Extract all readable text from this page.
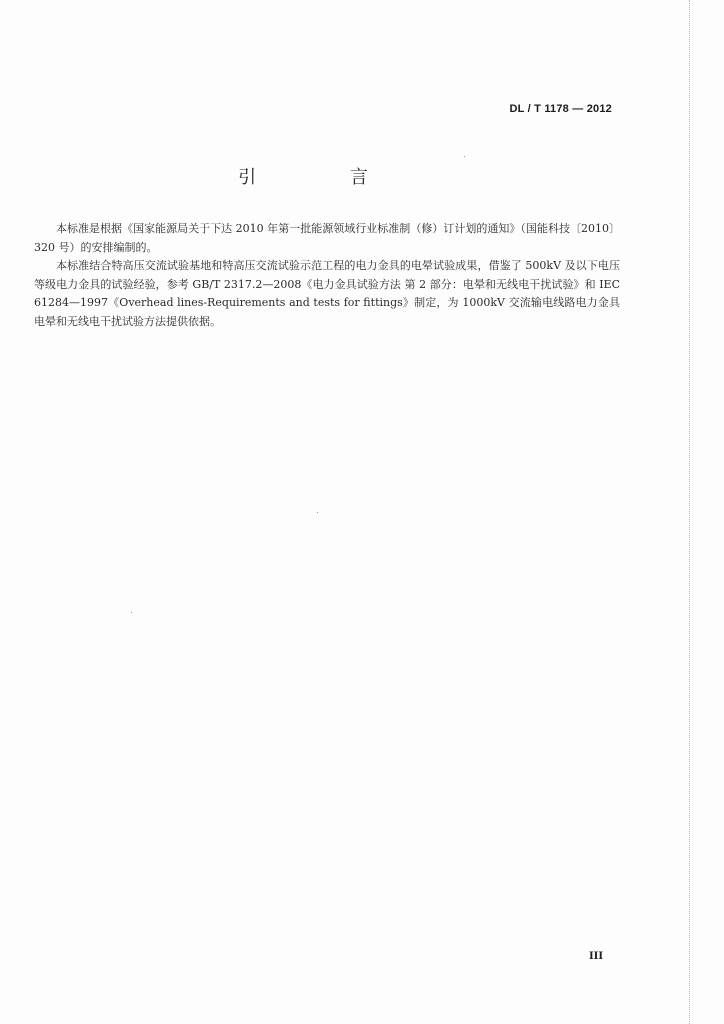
DL / T 1178 — 2012
引 言

本标准是根据《国家能源局关于下达 2010 年第一批能源领域行业标准制（修）订计划的通知》（国能科技〔2010〕320 号）的安排编制的。

本标准结合特高压交流试验基地和特高压交流试验示范工程的电力金具的电晕试验成果，借鉴了 500kV 及以下电压等级电力金具的试验经验，参考 GB/T 2317.2—2008《电力金具试验方法 第 2 部分：电晕和无线电干扰试验》和 IEC 61284—1997《Overhead lines-Requirements and tests for fittings》制定，为 1000kV 交流输电线路电力金具电晕和无线电干扰试验方法提供依据。

III
